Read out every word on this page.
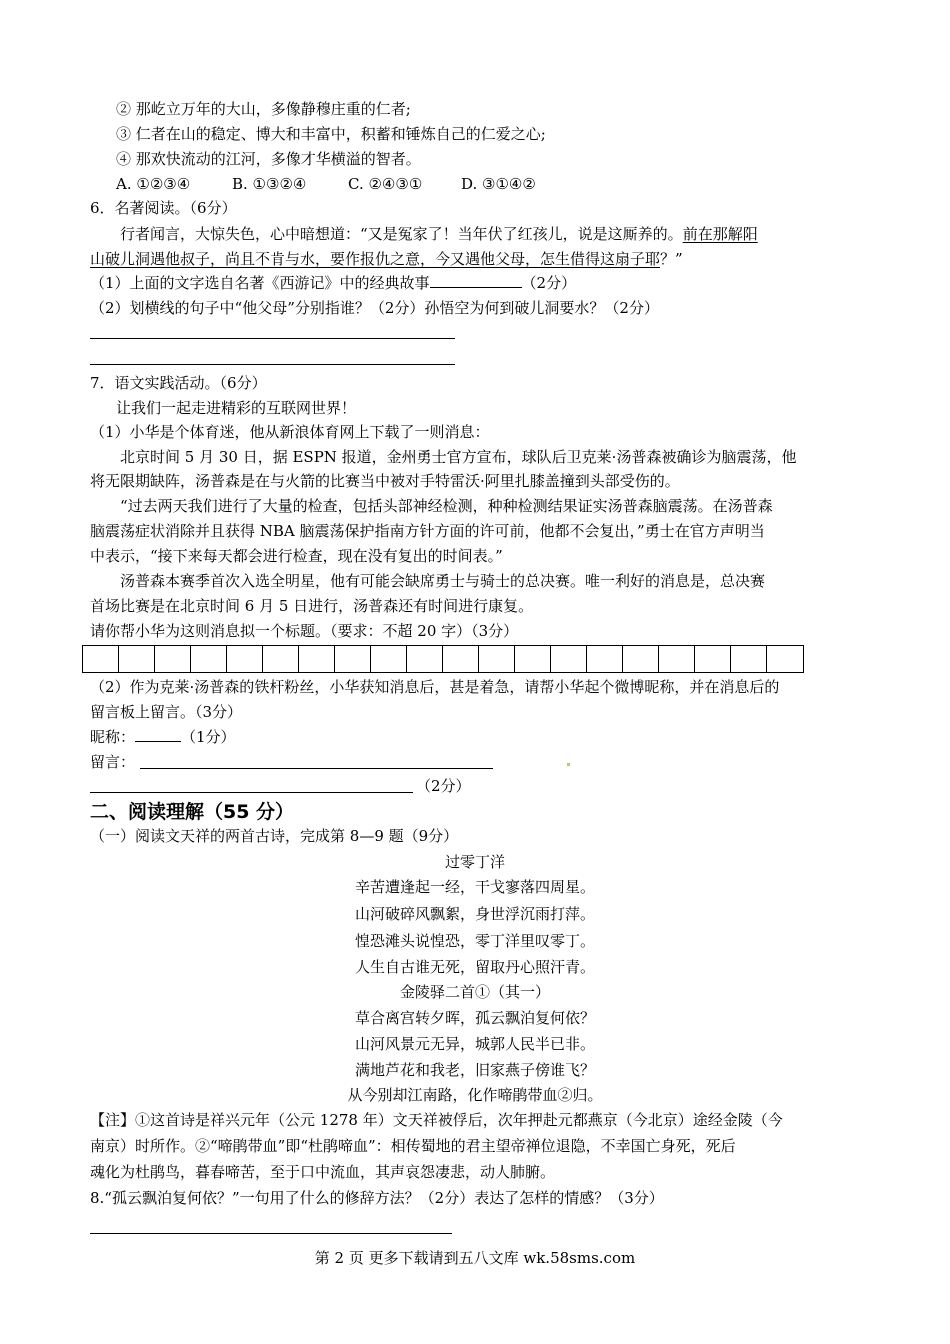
② 那屹立万年的大山，多像静穆庄重的仁者;
③ 仁者在山的稳定、博大和丰富中，积蓄和锤炼自己的仁爱之心;
④ 那欢快流动的江河，多像才华横溢的智者。
A. ①②③④	B. ①③②④	C. ②④③①	D. ③①④②
6．名著阅读。（6分）
行者闻言，大惊失色，心中暗想道：“又是冤家了！当年伏了红孩儿，说是这厮养的。前在那解阳
山破儿洞遇他叔子，尚且不肯与水，要作报仇之意，今又遇他父母，怎生借得这扇子耶？”
（1）上面的文字选自名著《西游记》中的经典故事	（2分）
（2）划横线的句子中“他父母”分别指谁？（2分）孙悟空为何到破儿洞要水？（2分）
7．语文实践活动。（6分）
让我们一起走进精彩的互联网世界！
（1）小华是个体育迷，他从新浪体育网上下载了一则消息：
北京时间 5 月 30 日，据 ESPN 报道，金州勇士官方宣布，球队后卫克莱·汤普森被确诊为脑震荡，他
将无限期缺阵，汤普森是在与火箭的比赛当中被对手特雷沃·阿里扎膝盖撞到头部受伤的。
“过去两天我们进行了大量的检查，包括头部神经检测，种种检测结果证实汤普森脑震荡。在汤普森
脑震荡症状消除并且获得 NBA 脑震荡保护指南方针方面的许可前，他都不会复出，”勇士在官方声明当
中表示，“接下来每天都会进行检查，现在没有复出的时间表。”
汤普森本赛季首次入选全明星，他有可能会缺席勇士与骑士的总决赛。唯一利好的消息是，总决赛
首场比赛是在北京时间 6 月 5 日进行，汤普森还有时间进行康复。
请你帮小华为这则消息拟一个标题。（要求：不超 20 字）（3分）
（2）作为克莱·汤普森的铁杆粉丝，小华获知消息后，甚是着急，请帮小华起个微博昵称，并在消息后的
留言板上留言。（3分）
昵称：	（1分）
留言：
（2分）
二、阅读理解（55 分）
（一）阅读文天祥的两首古诗，完成第 8—9 题（9分）
过零丁洋
辛苦遭逢起一经，干戈寥落四周星。
山河破碎风飘絮，身世浮沉雨打萍。
惶恐滩头说惶恐，零丁洋里叹零丁。
人生自古谁无死，留取丹心照汗青。
金陵驿二首①（其一）
草合离宫转夕晖，孤云飘泊复何依？
山河风景元无异，城郭人民半已非。
满地芦花和我老，旧家燕子傍谁飞？
从今别却江南路，化作啼鹃带血②归。
【注】①这首诗是祥兴元年（公元 1278 年）文天祥被俘后，次年押赴元都燕京（今北京）途经金陵（今
南京）时所作。②“啼鹃带血”即“杜鹃啼血”：相传蜀地的君主望帝禅位退隐，不幸国亡身死，死后
魂化为杜鹃鸟，暮春啼苦，至于口中流血，其声哀怨凄悲，动人肺腑。
8.“孤云飘泊复何依？”一句用了什么的修辞方法？（2分）表达了怎样的情感？（3分）
第 2 页 更多下载请到五八文库 wk.58sms.com
